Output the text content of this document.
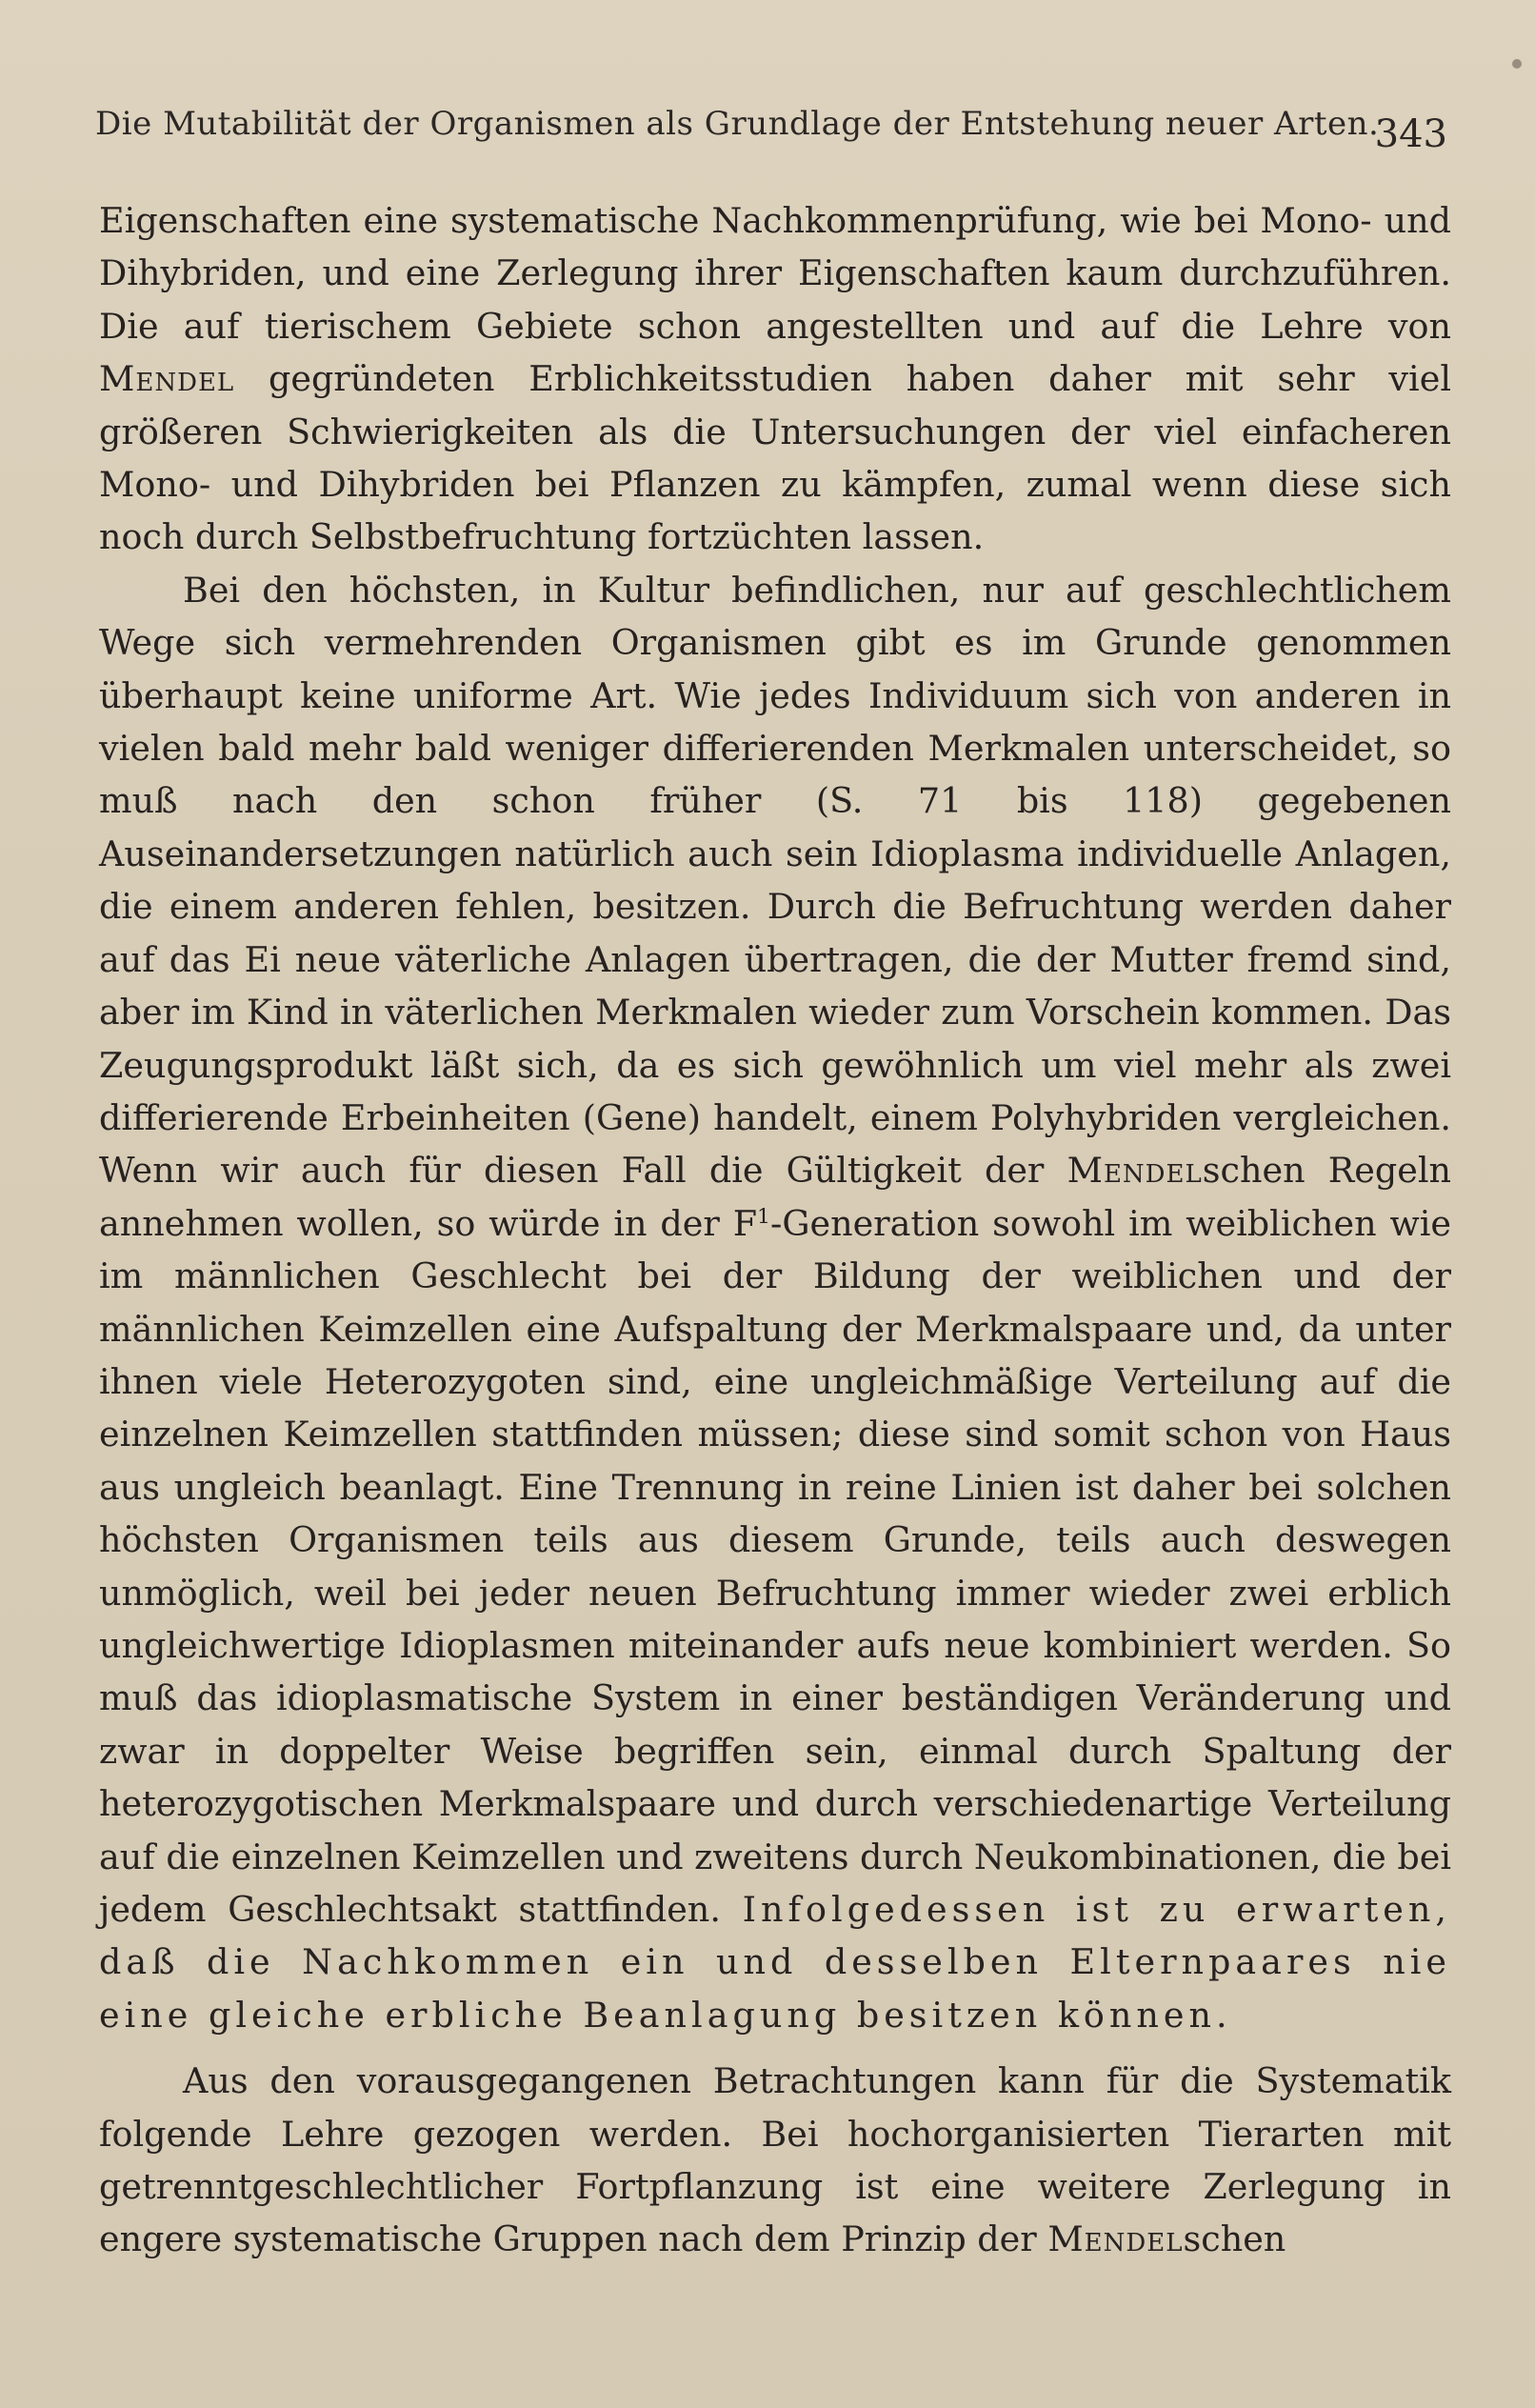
Die Mutabilität der Organismen als Grundlage der Entstehung neuer Arten.
343

Eigenschaften eine systematische Nachkommenprüfung, wie bei Mono- und Dihybriden, und eine Zerlegung ihrer Eigenschaften kaum durchzuführen. Die auf tierischem Gebiete schon angestellten und auf die Lehre von Mendel gegründeten Erblichkeitsstudien haben daher mit sehr viel größeren Schwierigkeiten als die Untersuchungen der viel einfacheren Mono- und Dihybriden bei Pflanzen zu kämpfen, zumal wenn diese sich noch durch Selbstbefruchtung fortzüchten lassen.

Bei den höchsten, in Kultur befindlichen, nur auf geschlechtlichem Wege sich vermehrenden Organismen gibt es im Grunde genommen überhaupt keine uniforme Art. Wie jedes Individuum sich von anderen in vielen bald mehr bald weniger differierenden Merkmalen unterscheidet, so muß nach den schon früher (S. 71 bis 118) gegebenen Auseinandersetzungen natürlich auch sein Idioplasma individuelle Anlagen, die einem anderen fehlen, besitzen. Durch die Befruchtung werden daher auf das Ei neue väterliche Anlagen übertragen, die der Mutter fremd sind, aber im Kind in väterlichen Merkmalen wieder zum Vorschein kommen. Das Zeugungsprodukt läßt sich, da es sich gewöhnlich um viel mehr als zwei differierende Erbeinheiten (Gene) handelt, einem Polyhybriden vergleichen. Wenn wir auch für diesen Fall die Gültigkeit der Mendelschen Regeln annehmen wollen, so würde in der $F^1$-Generation sowohl im weiblichen wie im männlichen Geschlecht bei der Bildung der weiblichen und der männlichen Keimzellen eine Aufspaltung der Merkmalspaare und, da unter ihnen viele Heterozygoten sind, eine ungleichmäßige Verteilung auf die einzelnen Keimzellen stattfinden müssen; diese sind somit schon von Haus aus ungleich beanlagt. Eine Trennung in reine Linien ist daher bei solchen höchsten Organismen teils aus diesem Grunde, teils auch deswegen unmöglich, weil bei jeder neuen Befruchtung immer wieder zwei erblich ungleichwertige Idioplasmen miteinander aufs neue kombiniert werden. So muß das idioplasmatische System in einer beständigen Veränderung und zwar in doppelter Weise begriffen sein, einmal durch Spaltung der heterozygotischen Merkmalspaare und durch verschiedenartige Verteilung auf die einzelnen Keimzellen und zweitens durch Neukombinationen, die bei jedem Geschlechtsakt stattfinden. Infolgedessen ist zu erwarten, daß die Nachkommen ein und desselben Elternpaares nie eine gleiche erbliche Beanlagung besitzen können.

Aus den vorausgegangenen Betrachtungen kann für die Systematik folgende Lehre gezogen werden. Bei hochorganisierten Tierarten mit getrenntgeschlechtlicher Fortpflanzung ist eine weitere Zerlegung in engere systematische Gruppen nach dem Prinzip der Mendelschen
